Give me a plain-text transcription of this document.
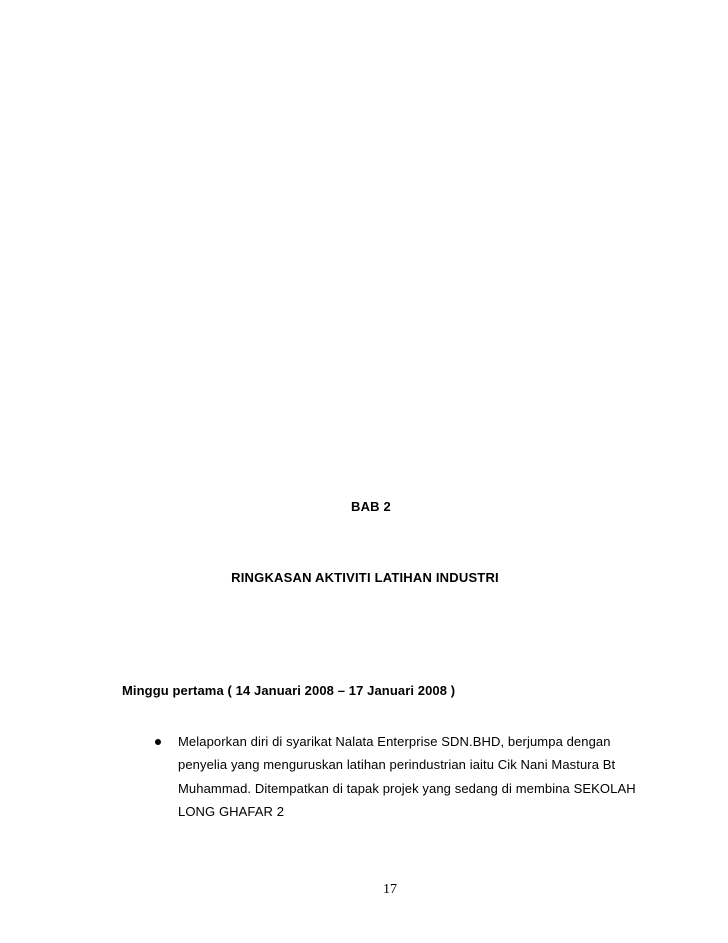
BAB 2
RINGKASAN AKTIVITI LATIHAN INDUSTRI
Minggu pertama ( 14 Januari 2008 – 17 Januari 2008 )
Melaporkan diri di syarikat Nalata Enterprise SDN.BHD, berjumpa dengan penyelia yang menguruskan latihan perindustrian iaitu Cik Nani Mastura Bt Muhammad. Ditempatkan di tapak projek yang sedang di membina SEKOLAH LONG GHAFAR 2
17
